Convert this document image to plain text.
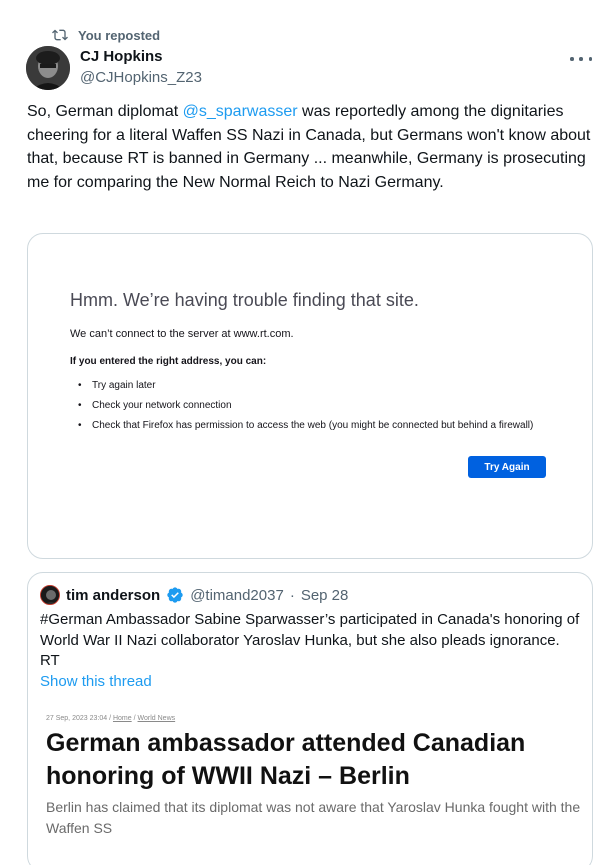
You reposted
CJ Hopkins
@CJHopkins_Z23
So, German diplomat @s_sparwasser was reportedly among the dignitaries cheering for a literal Waffen SS Nazi in Canada, but Germans won't know about that, because RT is banned in Germany ... meanwhile, Germany is prosecuting me for comparing the New Normal Reich to Nazi Germany.
Hmm. We’re having trouble finding that site.
We can’t connect to the server at www.rt.com.
If you entered the right address, you can:
• Try again later
• Check your network connection
• Check that Firefox has permission to access the web (you might be connected but behind a firewall)
Try Again
tim anderson @timand2037 · Sep 28
#German Ambassador Sabine Sparwasser’s participated in Canada's honoring of World War II Nazi collaborator Yaroslav Hunka, but she also pleads ignorance. RT
Show this thread
27 Sep, 2023 23:04 / Home / World News
German ambassador attended Canadian honoring of WWII Nazi – Berlin
Berlin has claimed that its diplomat was not aware that Yaroslav Hunka fought with the Waffen SS
